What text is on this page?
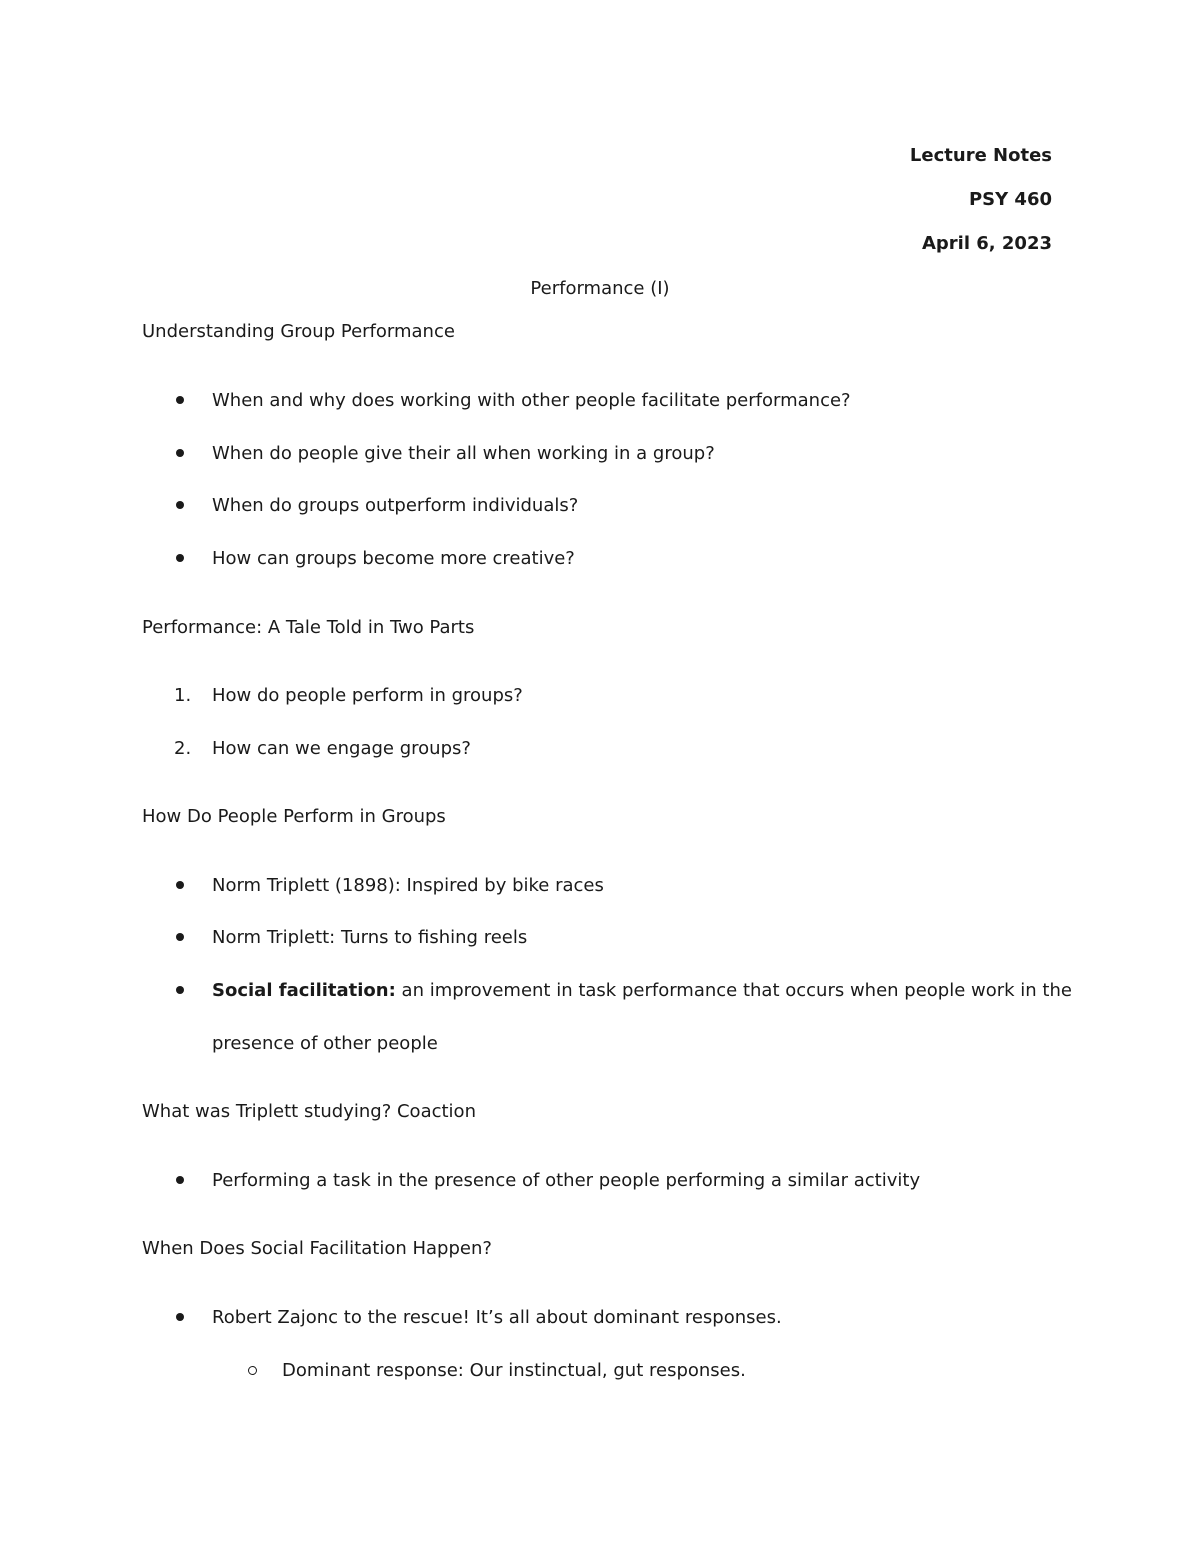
Lecture Notes
PSY 460
April 6, 2023
Performance (I)
Understanding Group Performance
When and why does working with other people facilitate performance?
When do people give their all when working in a group?
When do groups outperform individuals?
How can groups become more creative?
Performance: A Tale Told in Two Parts
1. How do people perform in groups?
2. How can we engage groups?
How Do People Perform in Groups
Norm Triplett (1898): Inspired by bike races
Norm Triplett: Turns to fishing reels
Social facilitation: an improvement in task performance that occurs when people work in the
presence of other people
What was Triplett studying? Coaction
Performing a task in the presence of other people performing a similar activity
When Does Social Facilitation Happen?
Robert Zajonc to the rescue! It’s all about dominant responses.
Dominant response: Our instinctual, gut responses.
